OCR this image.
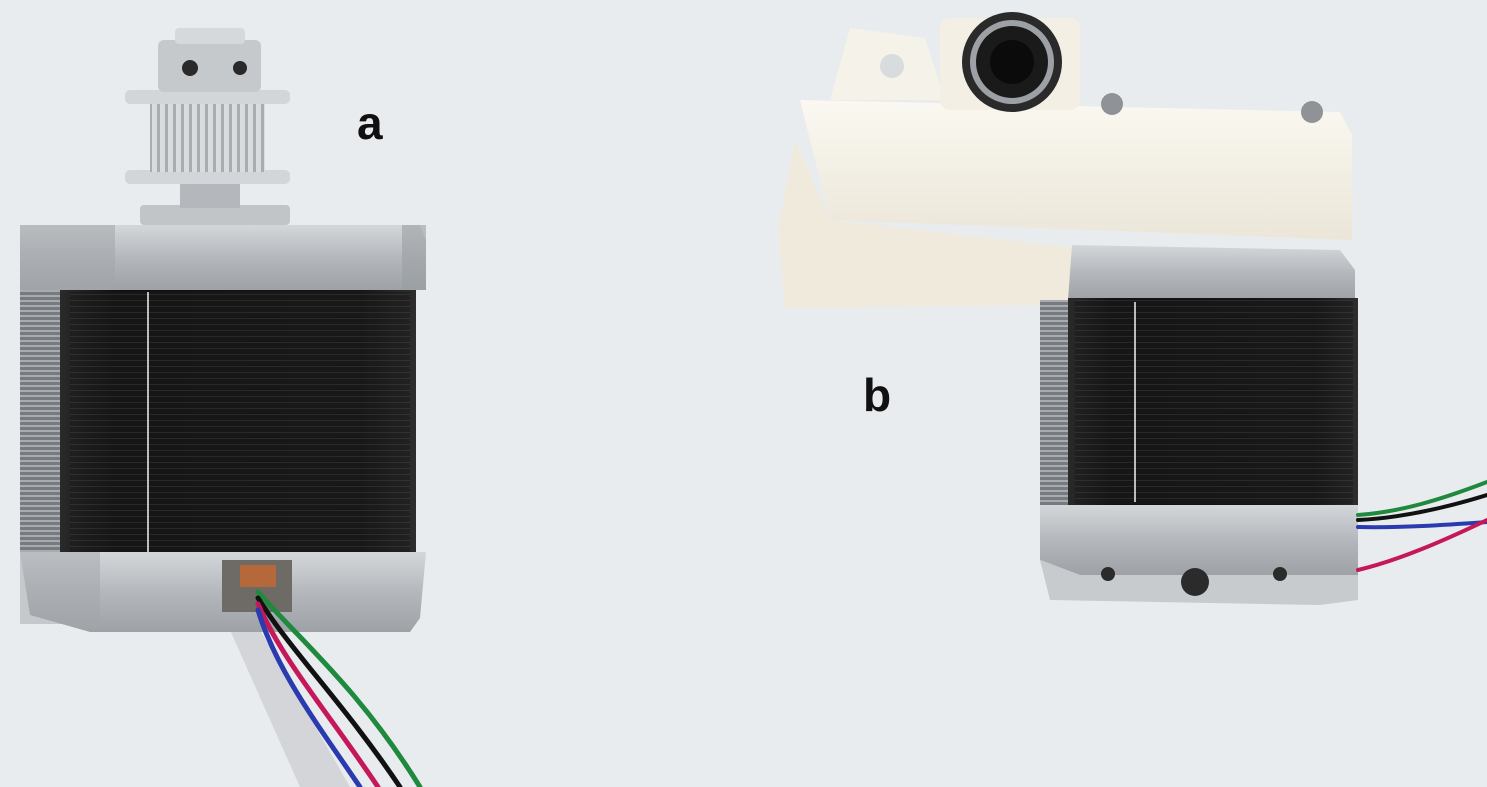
a
b
